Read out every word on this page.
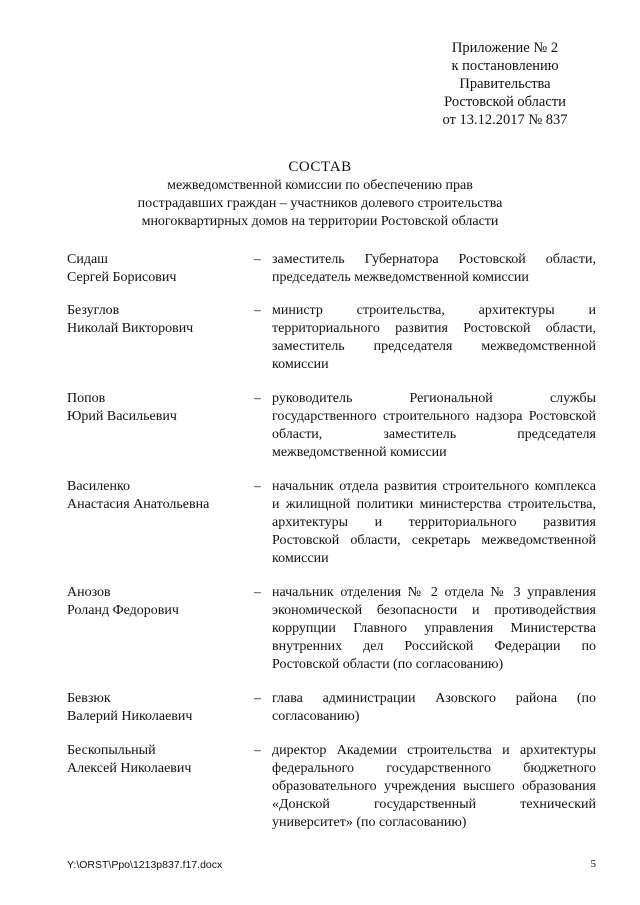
Приложение № 2
к постановлению
Правительства
Ростовской области
от 13.12.2017 № 837
СОСТАВ
межведомственной комиссии по обеспечению прав
пострадавших граждан – участников долевого строительства
многоквартирных домов на территории Ростовской области
Сидаш
Сергей Борисович
– заместитель Губернатора Ростовской области, председатель межведомственной комиссии
Безуглов
Николай Викторович
– министр строительства, архитектуры и территориального развития Ростовской области, заместитель председателя межведомственной комиссии
Попов
Юрий Васильевич
– руководитель Региональной службы государственного строительного надзора Ростовской области, заместитель председателя межведомственной комиссии
Василенко
Анастасия Анатольевна
– начальник отдела развития строительного комплекса и жилищной политики министерства строительства, архитектуры и территориального развития Ростовской области, секретарь межведомственной комиссии
Анозов
Роланд Федорович
– начальник отделения № 2 отдела № 3 управления экономической безопасности и противодействия коррупции Главного управления Министерства внутренних дел Российской Федерации по Ростовской области (по согласованию)
Бевзюк
Валерий Николаевич
– глава администрации Азовского района (по согласованию)
Бескопыльный
Алексей Николаевич
– директор Академии строительства и архитектуры федерального государственного бюджетного образовательного учреждения высшего образования «Донской государственный технический университет» (по согласованию)
Y:\ORST\Ppo\1213p837.f17.docx	5
